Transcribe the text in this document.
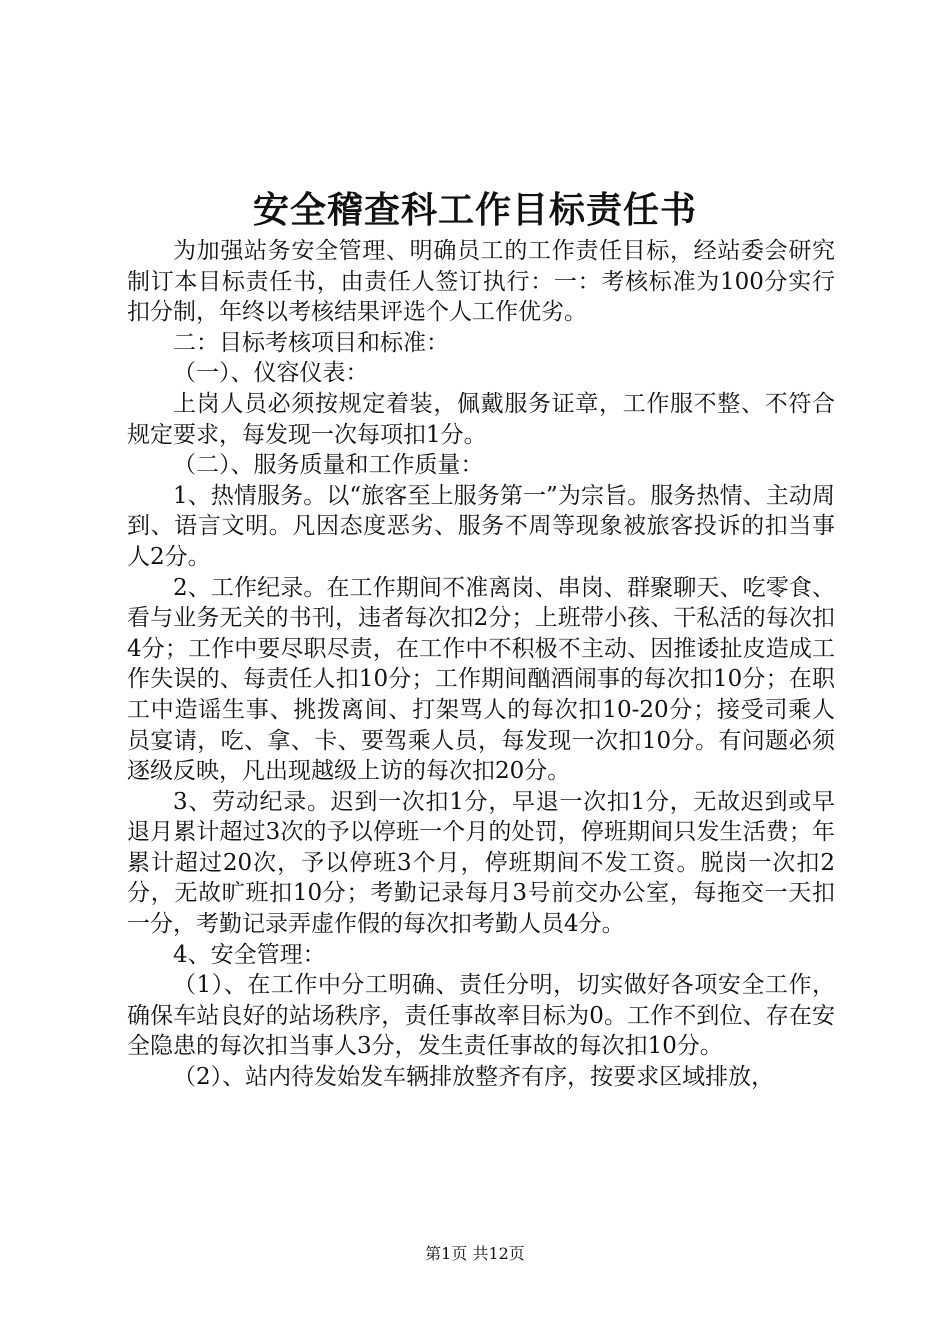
安全稽查科工作目标责任书

为加强站务安全管理、明确员工的工作责任目标，经站委会研究制订本目标责任书，由责任人签订执行：一：考核标准为100分实行扣分制，年终以考核结果评选个人工作优劣。

二：目标考核项目和标准：

（一）、仪容仪表：

上岗人员必须按规定着装，佩戴服务证章，工作服不整、不符合规定要求，每发现一次每项扣1分。

（二）、服务质量和工作质量：

1、热情服务。以“旅客至上服务第一”为宗旨。服务热情、主动周到、语言文明。凡因态度恶劣、服务不周等现象被旅客投诉的扣当事人2分。

2、工作纪录。在工作期间不准离岗、串岗、群聚聊天、吃零食、看与业务无关的书刊，违者每次扣2分；上班带小孩、干私活的每次扣4分；工作中要尽职尽责，在工作中不积极不主动、因推诿扯皮造成工作失误的、每责任人扣10分；工作期间酗酒闹事的每次扣10分；在职工中造谣生事、挑拨离间、打架骂人的每次扣10-20分；接受司乘人员宴请，吃、拿、卡、要驾乘人员，每发现一次扣10分。有问题必须逐级反映，凡出现越级上访的每次扣20分。

3、劳动纪录。迟到一次扣1分，早退一次扣1分，无故迟到或早退月累计超过3次的予以停班一个月的处罚，停班期间只发生活费；年累计超过20次，予以停班3个月，停班期间不发工资。脱岗一次扣2分，无故旷班扣10分；考勤记录每月3号前交办公室，每拖交一天扣一分，考勤记录弄虚作假的每次扣考勤人员4分。

4、安全管理：

（1）、在工作中分工明确、责任分明，切实做好各项安全工作，确保车站良好的站场秩序，责任事故率目标为0。工作不到位、存在安全隐患的每次扣当事人3分，发生责任事故的每次扣10分。

（2）、站内待发始发车辆排放整齐有序，按要求区域排放，

第1页 共12页
